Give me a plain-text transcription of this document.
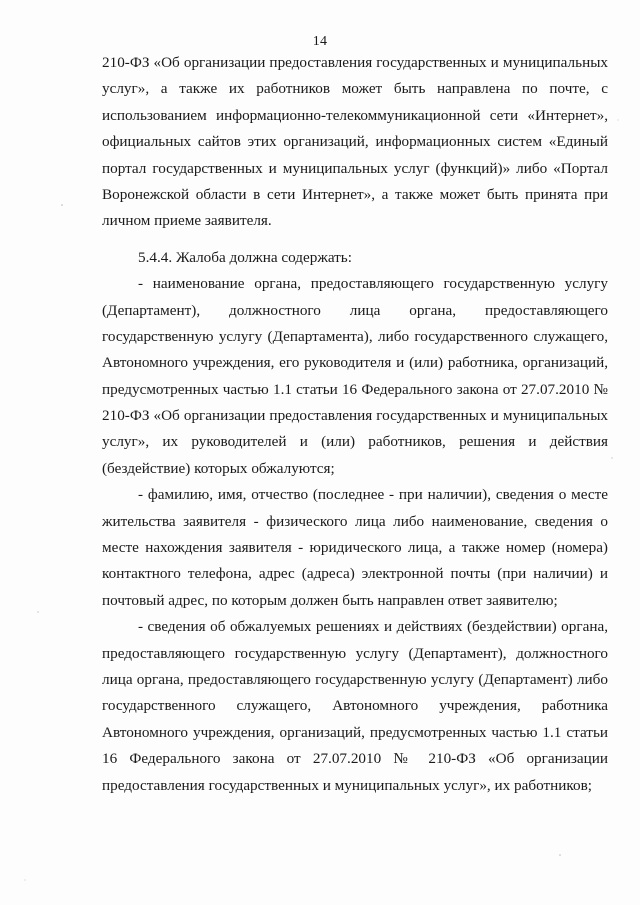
14
210-ФЗ «Об организации предоставления государственных и муниципальных
услуг», а также их работников может быть направлена по почте, с
использованием информационно-телекоммуникационной сети «Интернет»,
официальных сайтов этих организаций, информационных систем «Единый
портал государственных и муниципальных услуг (функций)» либо «Портал
Воронежской области в сети Интернет», а также может быть принята при
личном приеме заявителя.
5.4.4. Жалоба должна содержать:
- наименование органа, предоставляющего государственную услугу
(Департамент), должностного лица органа, предоставляющего
государственную услугу (Департамента), либо государственного служащего,
Автономного учреждения, его руководителя и (или) работника, организаций,
предусмотренных частью 1.1 статьи 16 Федерального закона от 27.07.2010 №
210-ФЗ «Об организации предоставления государственных и муниципальных
услуг», их руководителей и (или) работников, решения и действия
(бездействие) которых обжалуются;
- фамилию, имя, отчество (последнее - при наличии), сведения о месте
жительства заявителя - физического лица либо наименование, сведения о
месте нахождения заявителя - юридического лица, а также номер (номера)
контактного телефона, адрес (адреса) электронной почты (при наличии) и
почтовый адрес, по которым должен быть направлен ответ заявителю;
- сведения об обжалуемых решениях и действиях (бездействии) органа,
предоставляющего государственную услугу (Департамент), должностного
лица органа, предоставляющего государственную услугу (Департамент) либо
государственного служащего, Автономного учреждения, работника
Автономного учреждения, организаций, предусмотренных частью 1.1 статьи
16 Федерального закона от 27.07.2010 № 210-ФЗ «Об организации
предоставления государственных и муниципальных услуг», их работников;
